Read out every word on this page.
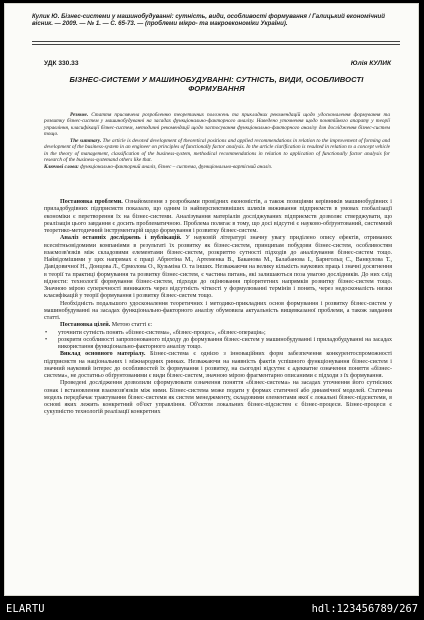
Кулик Ю. Бізнес-системи у машинобудуванні: сутність, види, особливості формування / Галицький економічний вісник. — 2009. — № 1. — С. 65-73. — (проблеми мікро- та макроекономіки України).
УДК 330.33	Юлія КУЛИК
БІЗНЕС-СИСТЕМИ У МАШИНОБУДУВАННІ: СУТНІСТЬ, ВИДИ, ОСОБЛИВОСТІ ФОРМУВАННЯ

Резюме. Стаття присвячена розробленню теоретичних положень та прикладних рекомендацій щодо удосконалення формування та розвитку бізнес-систем у машинобудуванні на засадах функціонально-факторного аналізу. Наведено уточнення щодо понятійного апарату у теорії управління, класифікації бізнес-систем, методичні рекомендації щодо застосування функціонально-факторного аналізу для дослідження бізнес-систем тощо.

The summary. The article is devoted development of theoretical positions and applied recommendations in relation to the improvement of forming and development of the business-system in an engineer on principles of functionally factor analysis. In the article clarification is resulted in relation to a concept vehicle in the theory of management, classification of the business-system, methodical recommendations in relation to application of functionally factor analysis for research of the business-systemand others like that.

Ключові слова: функціонально-факторний аналіз, бізнес – система, функціонально-вартісний аналіз.

Постановка проблеми. Ознайомлення з розробками провідних економістів, а також позиціями керівників машинобудівних і приладобудівних підприємств показало, що одним із найперспективніших шляхів виживання підприємств в умовах глобалізації економіки є перетворення їх на бізнес-системи. Аналізування матеріалів досліджуваних підприємств дозволяє стверджувати, що реалізація цього завдання є досить проблематичною. Проблема полягає в тому, що досі відсутні є науково-обґрунтований, системний теоретико-методичний інструментарій щодо формування і розвитку бізнес-систем.

Аналіз останніх досліджень і публікацій. У науковій літературі значну увагу приділено опису ефектів, отриманих всесвітньовідомими компаніями в результаті їх розвитку як бізнес-систем, принципам побудови бізнес-систем, особливостям взаємозв'язків між складовими елементами бізнес-систем, розкриттю сутності підходів до аналізування бізнес-систем тощо. Найвідомішими у цих напрямах є праці Абрютіна М., Артеменка В., Баканова М., Балабанова І., Барнгольц С., Ванкулова Т., Давідовичної Н., Донцова Л., Єрмолова О., Кузьміна О. та інших. Незважаючи на велику кількість наукових праць і значні досягнення в теорії та практиці формування та розвитку бізнес-систем, є частина питань, які залишаються поза увагою дослідників. До них слід віднести: технології формування бізнес-систем, підходи до оцінювання пріоритетних напрямків розвитку бізнес-систем тощо. Значною мірою суперечності виникають через відсутність чіткості у формулюванні термінів і понять, через недосконалість низки класифікацій у теорії формування і розвитку бізнес-систем тощо.

Необхідність подальшого удосконалення теоретичних і методико-прикладних основ формування і розвитку бізнес-систем у машинобудуванні на засадах функціонально-факторного аналізу обумовила актуальність вищевказаної проблеми, а також завдання статті.

Постановка цілей. Метою статті є:

• уточнити сутність понять «бізнес-система», «бізнес-процес», «бізнес-операція»;
• розкрити особливості запропонованого підходу до формування бізнес-систем у машинобудуванні і приладобудуванні на засадах використання функціонально-факторного аналізу тощо.

Виклад основного матеріалу. Бізнес-система є однією з інноваційних форм забезпечення конкурентоспроможності підприємств на національних і міжнародних ринках. Незважаючи на наявність фактів успішного функціонування бізнес-систем і значний науковий інтерес до особливостей їх формування і розвитку, на сьогодні відсутнє є адекватне означення поняття «бізнес-система», не достатньо обґрунтованими є види бізнес-систем, значною мірою фрагментарно описаними є підходи з їх формування.

Проведені дослідження дозволили сформулювати означення поняття «бізнес-система» на засадах уточнення його сутнісних ознак і встановлення взаємозв'язків між ними. Бізнес-система може подати у формах статичної або динамічної моделей. Статична модель передбачає трактування бізнес-системи як систем менеджменту, складовими елементами якої є локальні бізнес-підсистеми, в основі яких лежить конкретний об'єкт управління. Об'єктом локальних бізнес-підсистем є бізнес-процеси. Бізнес-процеси є сукупністю технологій реалізації конкретних

ELARTU	hdl:123456789/267
